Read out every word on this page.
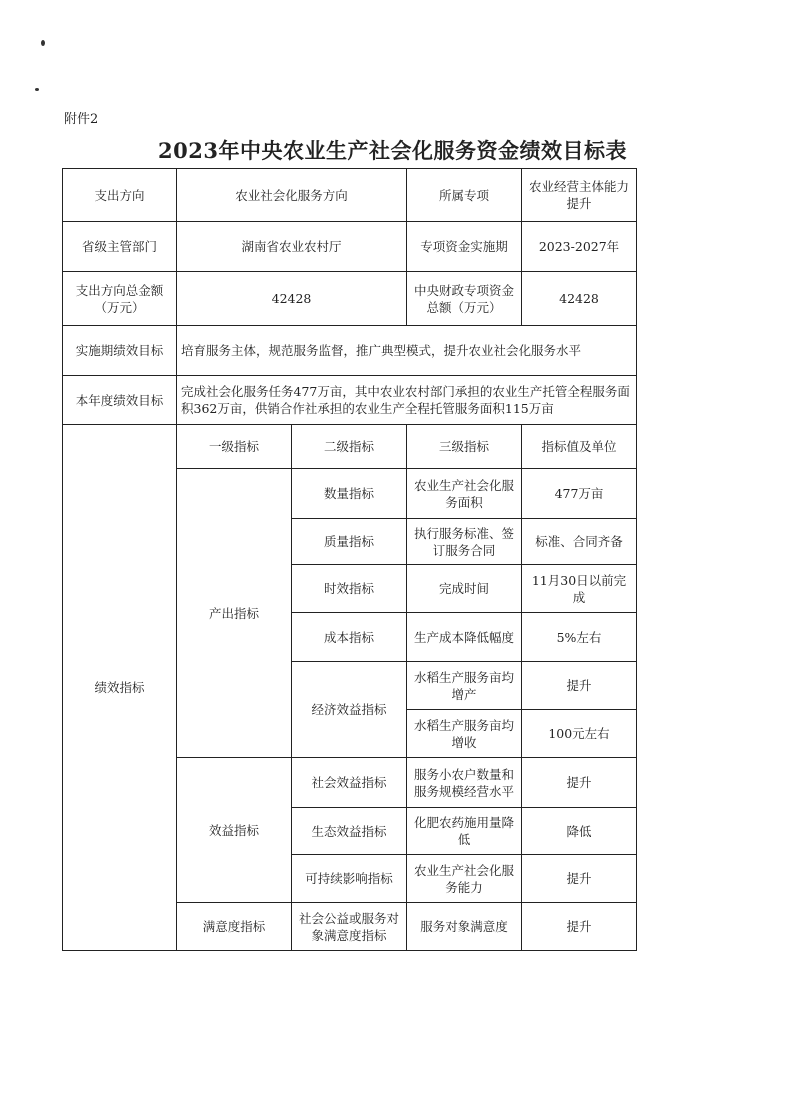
附件2
2023年中央农业生产社会化服务资金绩效目标表
支出方向	农业社会化服务方向		所属专项	农业经营主体能力提升
省级主管部门	湖南省农业农村厅		专项资金实施期	2023-2027年
支出方向总金额（万元）	42428		中央财政专项资金总额（万元）	42428
实施期绩效目标	培育服务主体，规范服务监督，推广典型模式，提升农业社会化服务水平			
本年度绩效目标	完成社会化服务任务477万亩，其中农业农村部门承担的农业生产托管全程服务面积362万亩，供销合作社承担的农业生产全程托管服务面积115万亩			
绩效指标	一级指标	二级指标	三级指标	指标值及单位
	产出指标	数量指标	农业生产社会化服务面积	477万亩
		质量指标	执行服务标准、签订服务合同	标准、合同齐备
		时效指标	完成时间	11月30日以前完成
		成本指标	生产成本降低幅度	5%左右
		经济效益指标	水稻生产服务亩均增产	提升
			水稻生产服务亩均增收	100元左右
	效益指标	社会效益指标	服务小农户数量和服务规模经营水平	提升
		生态效益指标	化肥农药施用量降低	降低
		可持续影响指标	农业生产社会化服务能力	提升
	满意度指标	社会公益或服务对象满意度指标	服务对象满意度	提升
